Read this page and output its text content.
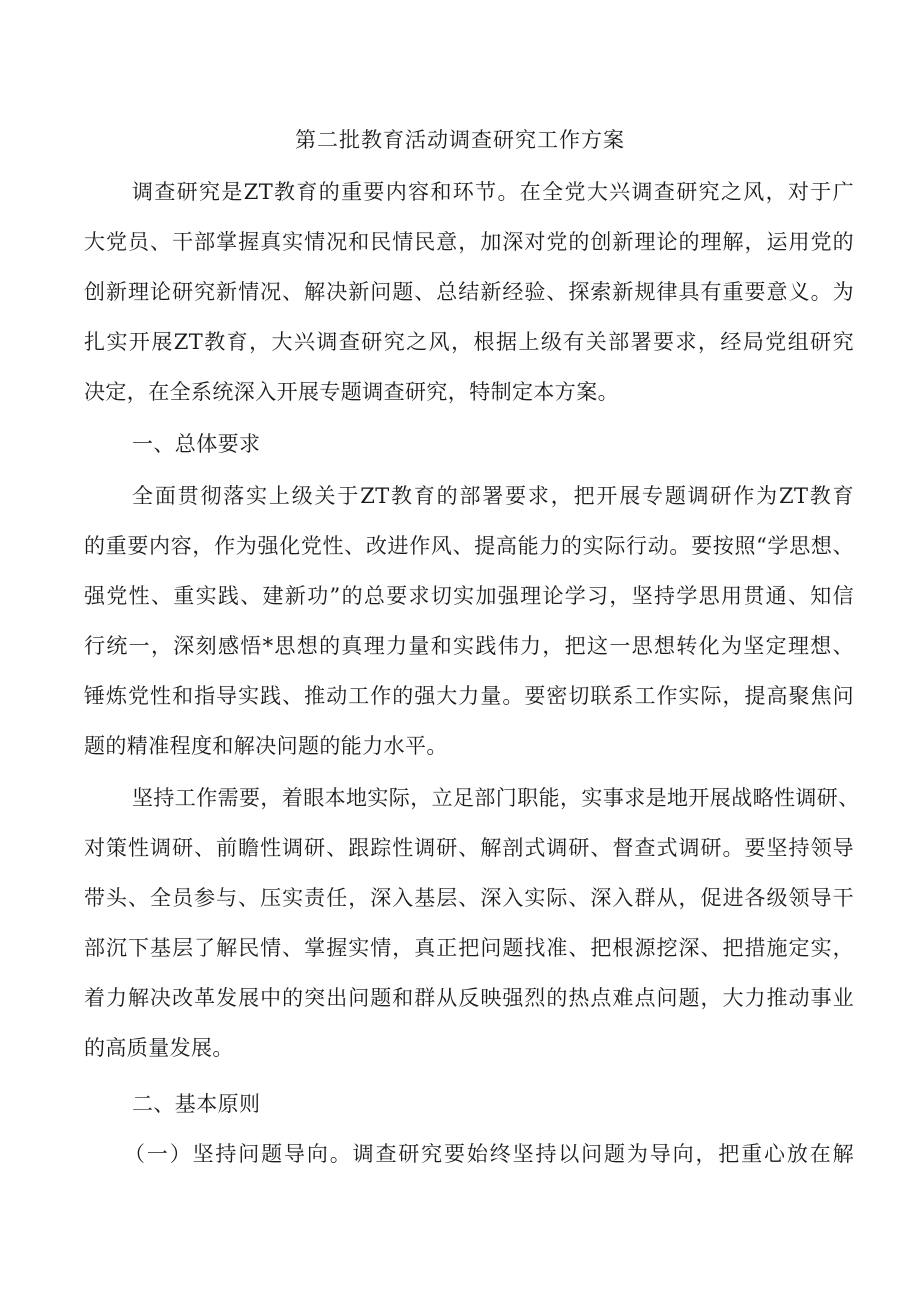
第二批教育活动调查研究工作方案

调查研究是ZT教育的重要内容和环节。在全党大兴调查研究之风，对于广

大党员、干部掌握真实情况和民情民意，加深对党的创新理论的理解，运用党的

创新理论研究新情况、解决新问题、总结新经验、探索新规律具有重要意义。为

扎实开展ZT教育，大兴调查研究之风，根据上级有关部署要求，经局党组研究

决定，在全系统深入开展专题调查研究，特制定本方案。

一、总体要求

全面贯彻落实上级关于ZT教育的部署要求，把开展专题调研作为ZT教育

的重要内容，作为强化党性、改进作风、提高能力的实际行动。要按照“学思想、

强党性、重实践、建新功”的总要求切实加强理论学习，坚持学思用贯通、知信

行统一，深刻感悟*思想的真理力量和实践伟力，把这一思想转化为坚定理想、

锤炼党性和指导实践、推动工作的强大力量。要密切联系工作实际，提高聚焦问

题的精准程度和解决问题的能力水平。

坚持工作需要，着眼本地实际，立足部门职能，实事求是地开展战略性调研、

对策性调研、前瞻性调研、跟踪性调研、解剖式调研、督查式调研。要坚持领导

带头、全员参与、压实责任，深入基层、深入实际、深入群从，促进各级领导干

部沉下基层了解民情、掌握实情，真正把问题找准、把根源挖深、把措施定实，

着力解决改革发展中的突出问题和群从反映强烈的热点难点问题，大力推动事业

的高质量发展。

二、基本原则

（一）坚持问题导向。调查研究要始终坚持以问题为导向，把重心放在解
